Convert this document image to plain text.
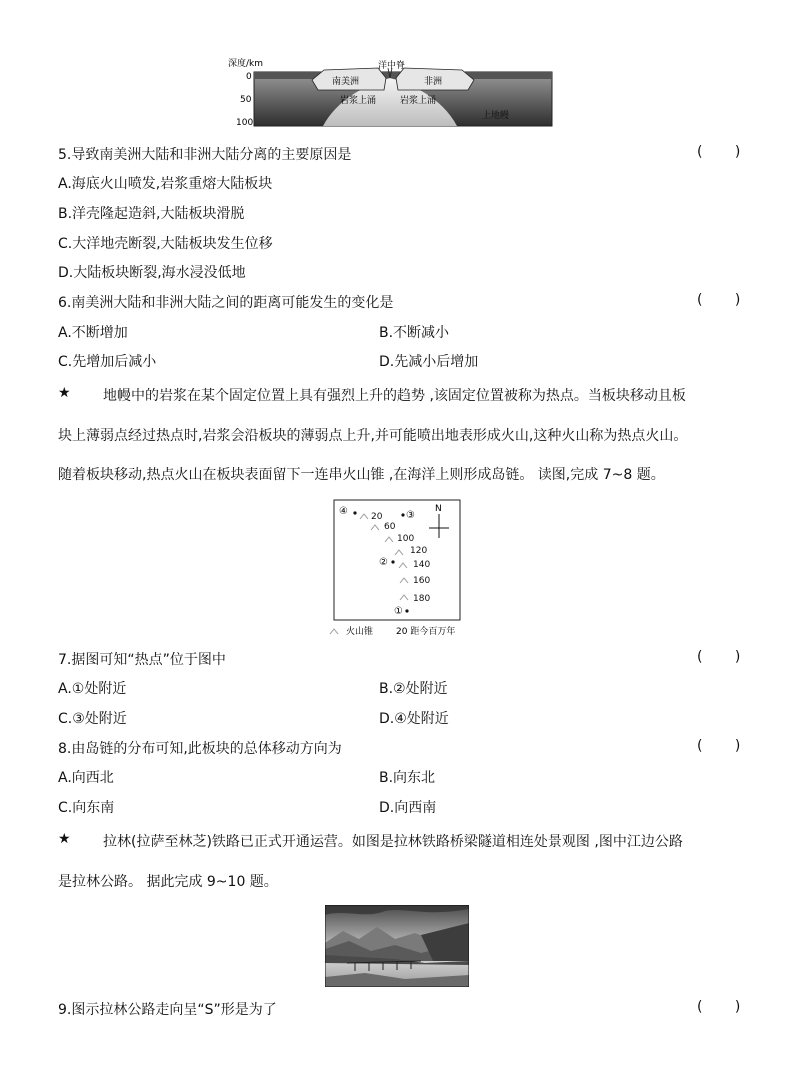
深度/km
0
50
100
洋中脊
南美洲	非洲
岩浆上涌	岩浆上涌
上地幔
5.导致南美洲大陆和非洲大陆分离的主要原因是	( )
A.海底火山喷发,岩浆重熔大陆板块
B.洋壳隆起造斜,大陆板块滑脱
C.大洋地壳断裂,大陆板块发生位移
D.大陆板块断裂,海水浸没低地
6.南美洲大陆和非洲大陆之间的距离可能发生的变化是	( )
A.不断增加	B.不断减小
C.先增加后减小	D.先减小后增加
★ 地幔中的岩浆在某个固定位置上具有强烈上升的趋势 ,该固定位置被称为热点。当板块移动且板
块上薄弱点经过热点时,岩浆会沿板块的薄弱点上升,并可能喷出地表形成火山,这种火山称为热点火山。
随着板块移动,热点火山在板块表面留下一连串火山锥 ,在海洋上则形成岛链。 读图,完成 7~8 题。
④	③
②
①
20
60
100
120
140
160
180
N
火山锥	20 距今百万年
7.据图可知“热点”位于图中	( )
A.①处附近	B.②处附近
C.③处附近	D.④处附近
8.由岛链的分布可知,此板块的总体移动方向为	( )
A.向西北	B.向东北
C.向东南	D.向西南
★ 拉林(拉萨至林芝)铁路已正式开通运营。如图是拉林铁路桥梁隧道相连处景观图 ,图中江边公路
是拉林公路。 据此完成 9~10 题。
9.图示拉林公路走向呈“S”形是为了	( )
